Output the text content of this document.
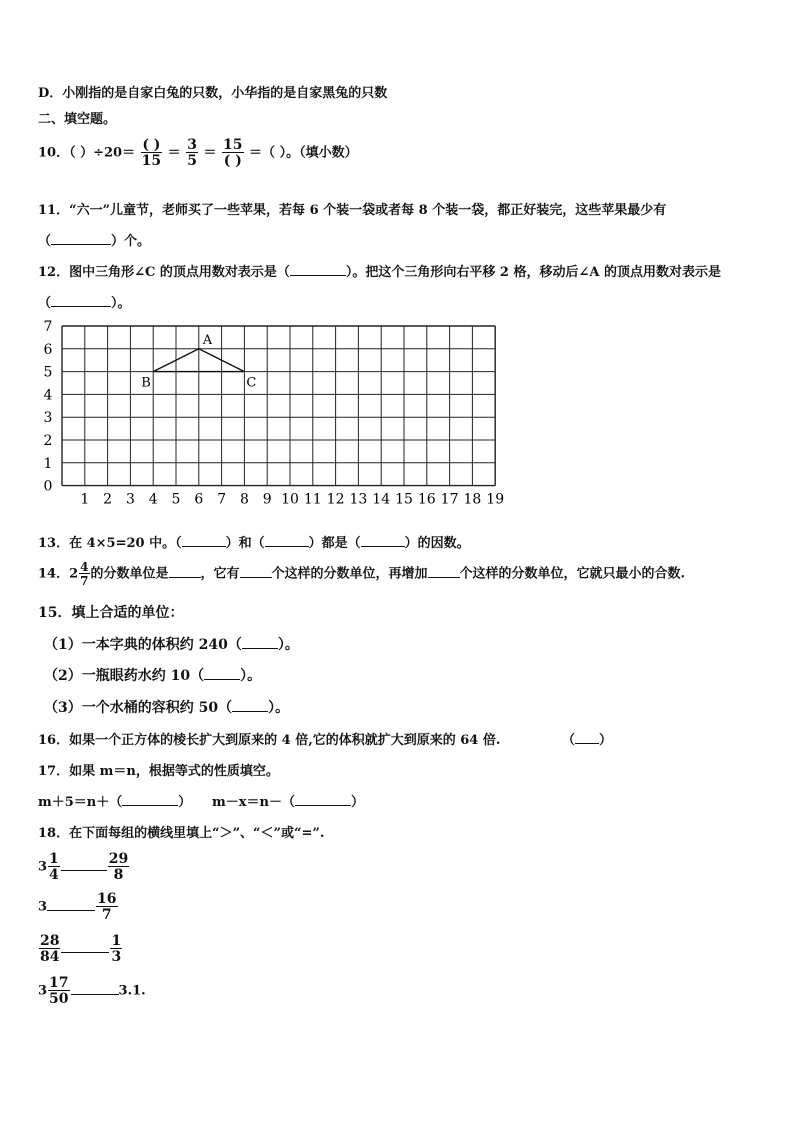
D．小刚指的是自家白兔的只数，小华指的是自家黑兔的只数
二、填空题。
10．（ ）$\div 20= \frac{( )}{15} = \frac{3}{5} = \frac{15}{( )}$ ＝（ ）。（填小数）
11．“六一”儿童节，老师买了一些苹果，若每 6 个装一袋或者每 8 个装一袋，都正好装完，这些苹果最少有
（	）个。
12．图中三角形∠C 的顶点用数对表示是（	）。把这个三角形向右平移 2 格，移动后∠A 的顶点用数对表示是
（	）。
7
6
5
4
3
2
1
0
1 2 3 4 5 6 7 8 9 10 11 12 13 14 15 16 17 18 19
A
B	C
13．在 4×5=20 中。（	）和（	）都是（	）的因数。
14．$2 \frac{4}{7}$ 的分数单位是 ，它有 个这样的分数单位，再增加 个这样的分数单位，它就只最小的合数.
15．填上合适的单位：
（1）一本字典的体积约 240（	）。
（2）一瓶眼药水约 10（	）。
（3）一个水桶的容积约 50（	）。
16．如果一个正方体的棱长扩大到原来的 4 倍,它的体积就扩大到原来的 64 倍.	（ ）
17．如果 m＝n，根据等式的性质填空。
m＋5＝n＋（	） m－x＝n－（	）
18．在下面每组的横线里填上“＞”、“＜”或“=”.
$3 \frac{1}{4}$	$\frac{29}{8}$
3	$\frac{16}{7}$
$\frac{28}{84}$	$\frac{1}{3}$
$3 \frac{17}{50}$	3.1.
